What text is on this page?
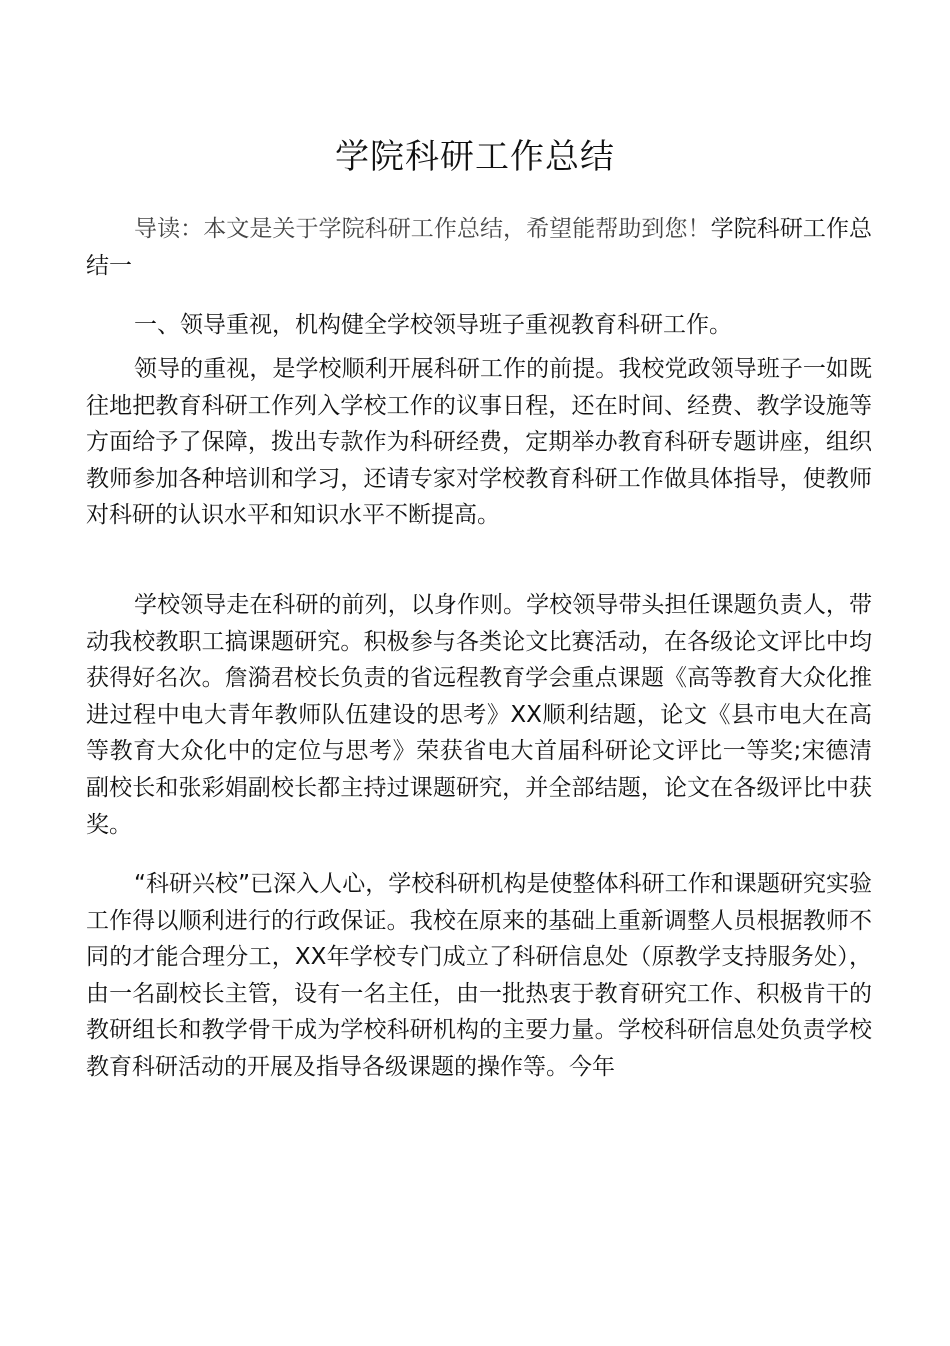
学院科研工作总结

导读：本文是关于学院科研工作总结，希望能帮助到您！学院科研工作总结一

一、领导重视，机构健全学校领导班子重视教育科研工作。

领导的重视，是学校顺利开展科研工作的前提。我校党政领导班子一如既往地把教育科研工作列入学校工作的议事日程，还在时间、经费、教学设施等方面给予了保障，拨出专款作为科研经费，定期举办教育科研专题讲座，组织教师参加各种培训和学习，还请专家对学校教育科研工作做具体指导，使教师对科研的认识水平和知识水平不断提高。

学校领导走在科研的前列，以身作则。学校领导带头担任课题负责人，带动我校教职工搞课题研究。积极参与各类论文比赛活动，在各级论文评比中均获得好名次。詹漪君校长负责的省远程教育学会重点课题《高等教育大众化推进过程中电大青年教师队伍建设的思考》XX顺利结题，论文《县市电大在高等教育大众化中的定位与思考》荣获省电大首届科研论文评比一等奖;宋德清副校长和张彩娟副校长都主持过课题研究，并全部结题，论文在各级评比中获奖。

“科研兴校”已深入人心，学校科研机构是使整体科研工作和课题研究实验工作得以顺利进行的行政保证。我校在原来的基础上重新调整人员根据教师不同的才能合理分工，XX年学校专门成立了科研信息处（原教学支持服务处），由一名副校长主管，设有一名主任，由一批热衷于教育研究工作、积极肯干的教研组长和教学骨干成为学校科研机构的主要力量。学校科研信息处负责学校教育科研活动的开展及指导各级课题的操作等。今年
